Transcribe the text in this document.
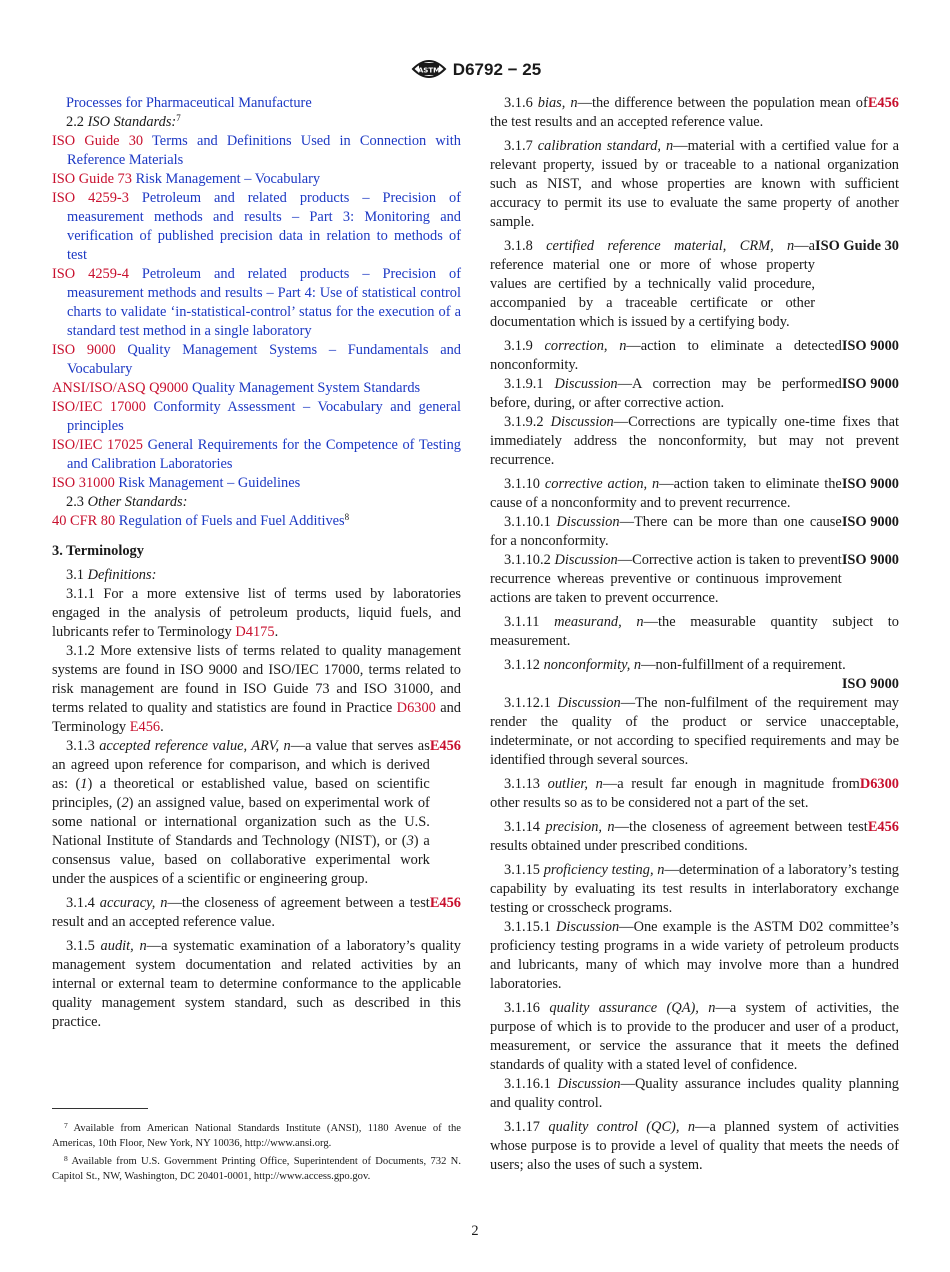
ASTM D6792 − 25

Processes for Pharmaceutical Manufacture

2.2 ISO Standards:$^7$

ISO Guide 30 Terms and Definitions Used in Connection with Reference Materials

ISO Guide 73 Risk Management – Vocabulary

ISO 4259-3 Petroleum and related products – Precision of measurement methods and results – Part 3: Monitoring and verification of published precision data in relation to methods of test

ISO 4259-4 Petroleum and related products – Precision of measurement methods and results – Part 4: Use of statistical control charts to validate ‘in-statistical-control’ status for the execution of a standard test method in a single laboratory

ISO 9000 Quality Management Systems – Fundamentals and Vocabulary

ANSI/ISO/ASQ Q9000 Quality Management System Standards

ISO/IEC 17000 Conformity Assessment – Vocabulary and general principles

ISO/IEC 17025 General Requirements for the Competence of Testing and Calibration Laboratories

ISO 31000 Risk Management – Guidelines

2.3 Other Standards:

40 CFR 80 Regulation of Fuels and Fuel Additives$^8$

3. Terminology

3.1 Definitions:

3.1.1 For a more extensive list of terms used by laboratories engaged in the analysis of petroleum products, liquid fuels, and lubricants refer to Terminology D4175.

3.1.2 More extensive lists of terms related to quality management systems are found in ISO 9000 and ISO/IEC 17000, terms related to risk management are found in ISO Guide 73 and ISO 31000, and terms related to quality and statistics are found in Practice D6300 and Terminology E456.

3.1.3 accepted reference value, ARV, n—a value that serves as an agreed upon reference for comparison, and which is derived as: (1) a theoretical or established value, based on scientific principles, (2) an assigned value, based on experimental work of some national or international organization such as the U.S. National Institute of Standards and Technology (NIST), or (3) a consensus value, based on collaborative experimental work under the auspices of a scientific or engineering group.
E456
3.1.4 accuracy, n—the closeness of agreement between a test result and an accepted reference value.
E456

3.1.5 audit, n—a systematic examination of a laboratory’s quality management system documentation and related activities by an internal or external team to determine conformance to the applicable quality management system standard, such as described in this practice.

$^7$ Available from American National Standards Institute (ANSI), 1180 Avenue of the Americas, 10th Floor, New York, NY 10036, http://www.ansi.org.

$^8$ Available from U.S. Government Printing Office, Superintendent of Documents, 732 N. Capitol St., NW, Washington, DC 20401-0001, http://www.access.gpo.gov.

3.1.6 bias, n—the difference between the population mean of the test results and an accepted reference value.
E456

3.1.7 calibration standard, n—material with a certified value for a relevant property, issued by or traceable to a national organization such as NIST, and whose properties are known with sufficient accuracy to permit its use to evaluate the same property of another sample.

3.1.8 certified reference material, CRM, n—a reference material one or more of whose property values are certified by a technically valid procedure, accompanied by a traceable certificate or other documentation which is issued by a certifying body.
ISO Guide 30
3.1.9 correction, n—action to eliminate a detected nonconformity.
ISO 9000
3.1.9.1 Discussion—A correction may be performed before, during, or after corrective action.
ISO 9000

3.1.9.2 Discussion—Corrections are typically one-time fixes that immediately address the nonconformity, but may not prevent recurrence.

3.1.10 corrective action, n—action taken to eliminate the cause of a nonconformity and to prevent recurrence.
ISO 9000
3.1.10.1 Discussion—There can be more than one cause for a nonconformity.
ISO 9000
3.1.10.2 Discussion—Corrective action is taken to prevent recurrence whereas preventive or continuous improvement actions are taken to prevent occurrence.
ISO 9000

3.1.11 measurand, n—the measurable quantity subject to measurement.

3.1.12 nonconformity, n—non-fulfillment of a requirement.

ISO 9000

3.1.12.1 Discussion—The non-fulfilment of the requirement may render the quality of the product or service unacceptable, indeterminate, or not according to specified requirements and may be identified through several sources.

3.1.13 outlier, n—a result far enough in magnitude from other results so as to be considered not a part of the set.
D6300
3.1.14 precision, n—the closeness of agreement between test results obtained under prescribed conditions.
E456

3.1.15 proficiency testing, n—determination of a laboratory’s testing capability by evaluating its test results in interlaboratory exchange testing or crosscheck programs.

3.1.15.1 Discussion—One example is the ASTM D02 committee’s proficiency testing programs in a wide variety of petroleum products and lubricants, many of which may involve more than a hundred laboratories.

3.1.16 quality assurance (QA), n—a system of activities, the purpose of which is to provide to the producer and user of a product, measurement, or service the assurance that it meets the defined standards of quality with a stated level of confidence.

3.1.16.1 Discussion—Quality assurance includes quality planning and quality control.

3.1.17 quality control (QC), n—a planned system of activities whose purpose is to provide a level of quality that meets the needs of users; also the uses of such a system.

2
